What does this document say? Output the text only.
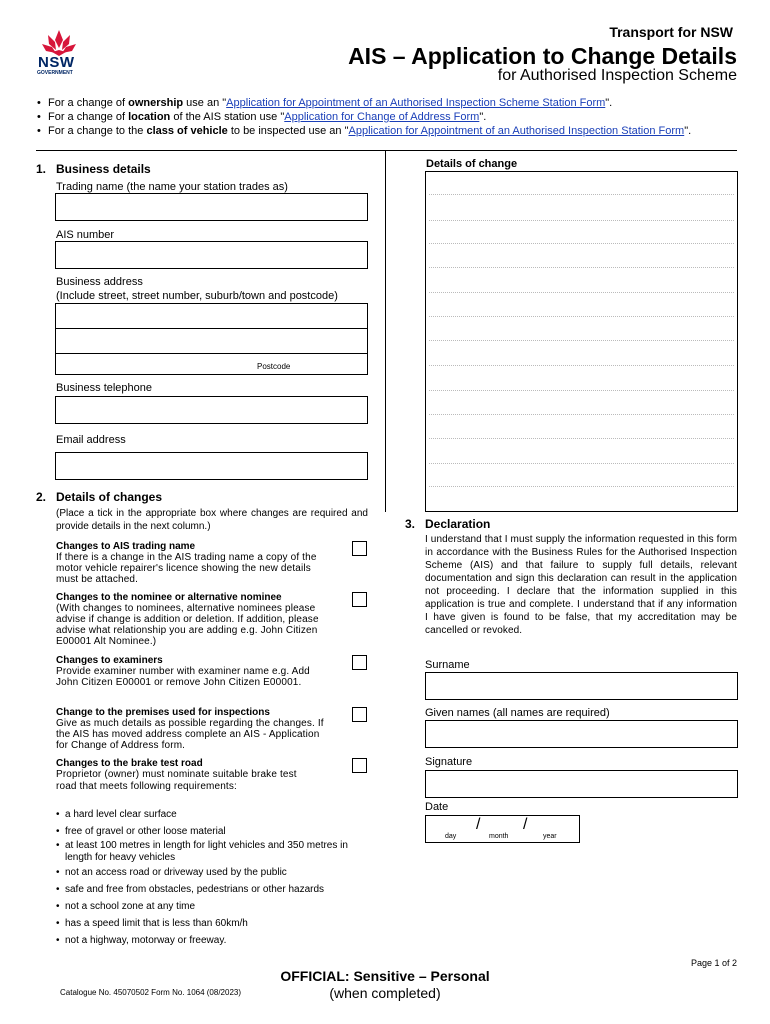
NSW
GOVERNMENT
Transport for NSW
AIS – Application to Change Details
for Authorised Inspection Scheme
• For a change of ownership use an "Application for Appointment of an Authorised Inspection Scheme Station Form".
• For a change of location of the AIS station use "Application for Change of Address Form".
• For a change to the class of vehicle to be inspected use an "Application for Appointment of an Authorised Inspection Station Form".
1. Business details
Trading name (the name your station trades as)
AIS number
Business address
(Include street, street number, suburb/town and postcode)
Postcode
Business telephone
Email address
Details of change
2. Details of changes
(Place a tick in the appropriate box where changes are required and provide details in the next column.)
Changes to AIS trading name
If there is a change in the AIS trading name a copy of the motor vehicle repairer's licence showing the new details must be attached.
Changes to the nominee or alternative nominee
(With changes to nominees, alternative nominees please advise if change is addition or deletion. If addition, please advise what relationship you are adding e.g. John Citizen E00001 Alt Nominee.)
Changes to examiners
Provide examiner number with examiner name e.g. Add John Citizen E00001 or remove John Citizen E00001.
Change to the premises used for inspections
Give as much details as possible regarding the changes. If the AIS has moved address complete an AIS - Application for Change of Address form.
Changes to the brake test road
Proprietor (owner) must nominate suitable brake test road that meets following requirements:
• a hard level clear surface
• free of gravel or other loose material
• at least 100 metres in length for light vehicles and 350 metres in length for heavy vehicles
• not an access road or driveway used by the public
• safe and free from obstacles, pedestrians or other hazards
• not a school zone at any time
• has a speed limit that is less than 60km/h
• not a highway, motorway or freeway.
3. Declaration
I understand that I must supply the information requested in this form in accordance with the Business Rules for the Authorised Inspection Scheme (AIS) and that failure to supply full details, relevant documentation and sign this declaration can result in the application not proceeding. I declare that the information supplied in this application is true and complete. I understand that if any information I have given is found to be false, that my accreditation may be cancelled or revoked.
Surname
Given names (all names are required)
Signature
Date
/	/
day	month	year
Page 1 of 2
OFFICIAL: Sensitive – Personal
(when completed)
Catalogue No. 45070502 Form No. 1064 (08/2023)
